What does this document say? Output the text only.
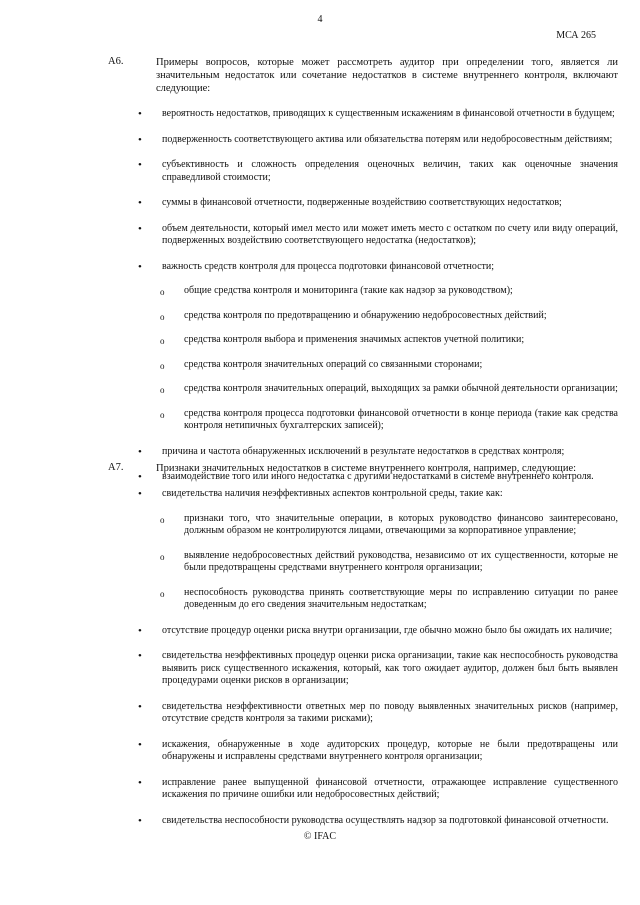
4
МСА 265
A6.	Примеры вопросов, которые может рассмотреть аудитор при определении того, является ли значительным недостаток или сочетание недостатков в системе внутреннего контроля, включают следующие:
• вероятность недостатков, приводящих к существенным искажениям в финансовой отчетности в будущем;
• подверженность соответствующего актива или обязательства потерям или недобросовестным действиям;
• субъективность и сложность определения оценочных величин, таких как оценочные значения справедливой стоимости;
• суммы в финансовой отчетности, подверженные воздействию соответствующих недостатков;
• объем деятельности, который имел место или может иметь место с остатком по счету или виду операций, подверженных воздействию соответствующего недостатка (недостатков);
• важность средств контроля для процесса подготовки финансовой отчетности;
o общие средства контроля и мониторинга (такие как надзор за руководством);
o средства контроля по предотвращению и обнаружению недобросовестных действий;
o средства контроля выбора и применения значимых аспектов учетной политики;
o средства контроля значительных операций со связанными сторонами;
o средства контроля значительных операций, выходящих за рамки обычной деятельности организации;
o средства контроля процесса подготовки финансовой отчетности в конце периода (такие как средства контроля нетипичных бухгалтерских записей);
• причина и частота обнаруженных исключений в результате недостатков в средствах контроля;
• взаимодействие того или иного недостатка с другими недостатками в системе внутреннего контроля.
A7.	Признаки значительных недостатков в системе внутреннего контроля, например, следующие:
• свидетельства наличия неэффективных аспектов контрольной среды, такие как:
o признаки того, что значительные операции, в которых руководство финансово заинтересовано, должным образом не контролируются лицами, отвечающими за корпоративное управление;
o выявление недобросовестных действий руководства, независимо от их существенности, которые не были предотвращены средствами внутреннего контроля организации;
o неспособность руководства принять соответствующие меры по исправлению ситуации по ранее доведенным до его сведения значительным недостаткам;
• отсутствие процедур оценки риска внутри организации, где обычно можно было бы ожидать их наличие;
• свидетельства неэффективных процедур оценки риска организации, такие как неспособность руководства выявить риск существенного искажения, который, как того ожидает аудитор, должен был быть выявлен процедурами оценки рисков в организации;
• свидетельства неэффективности ответных мер по поводу выявленных значительных рисков (например, отсутствие средств контроля за такими рисками);
• искажения, обнаруженные в ходе аудиторских процедур, которые не были предотвращены или обнаружены и исправлены средствами внутреннего контроля организации;
• исправление ранее выпущенной финансовой отчетности, отражающее исправление существенного искажения по причине ошибки или недобросовестных действий;
• свидетельства неспособности руководства осуществлять надзор за подготовкой финансовой отчетности.
© IFAC
